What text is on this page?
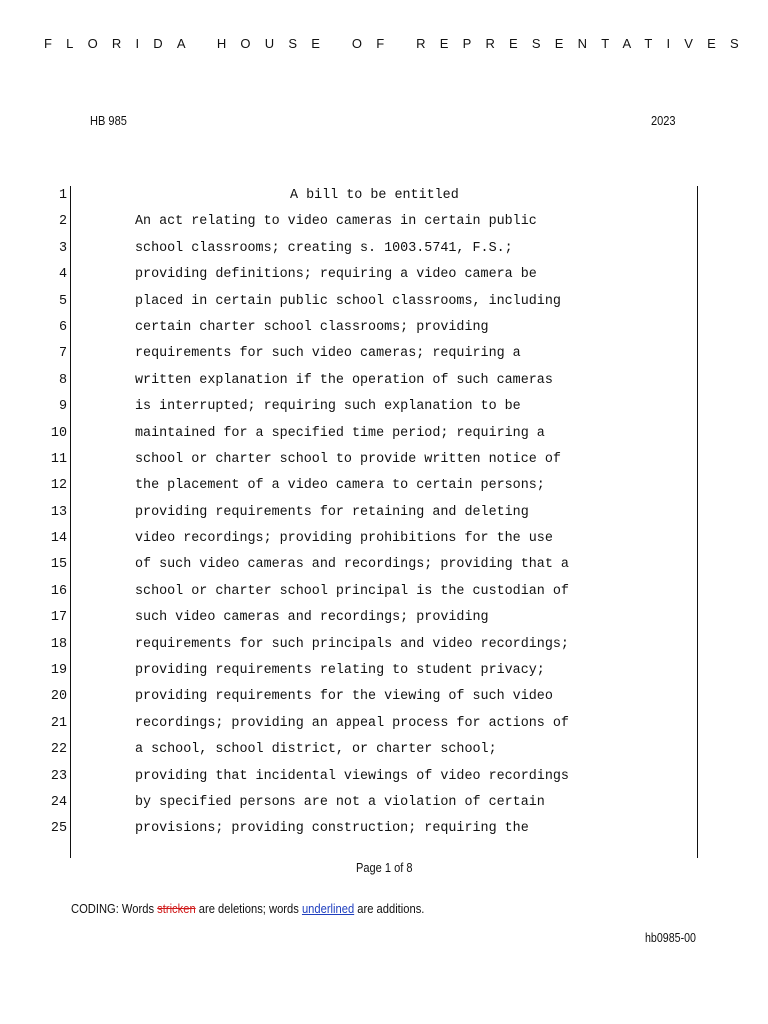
FLORIDA HOUSE OF REPRESENTATIVES
HB 985	2023
1	A bill to be entitled
2	An act relating to video cameras in certain public
3	school classrooms; creating s. 1003.5741, F.S.;
4	providing definitions; requiring a video camera be
5	placed in certain public school classrooms, including
6	certain charter school classrooms; providing
7	requirements for such video cameras; requiring a
8	written explanation if the operation of such cameras
9	is interrupted; requiring such explanation to be
10	maintained for a specified time period; requiring a
11	school or charter school to provide written notice of
12	the placement of a video camera to certain persons;
13	providing requirements for retaining and deleting
14	video recordings; providing prohibitions for the use
15	of such video cameras and recordings; providing that a
16	school or charter school principal is the custodian of
17	such video cameras and recordings; providing
18	requirements for such principals and video recordings;
19	providing requirements relating to student privacy;
20	providing requirements for the viewing of such video
21	recordings; providing an appeal process for actions of
22	a school, school district, or charter school;
23	providing that incidental viewings of video recordings
24	by specified persons are not a violation of certain
25	provisions; providing construction; requiring the
Page 1 of 8
CODING: Words stricken are deletions; words underlined are additions.
hb0985-00
